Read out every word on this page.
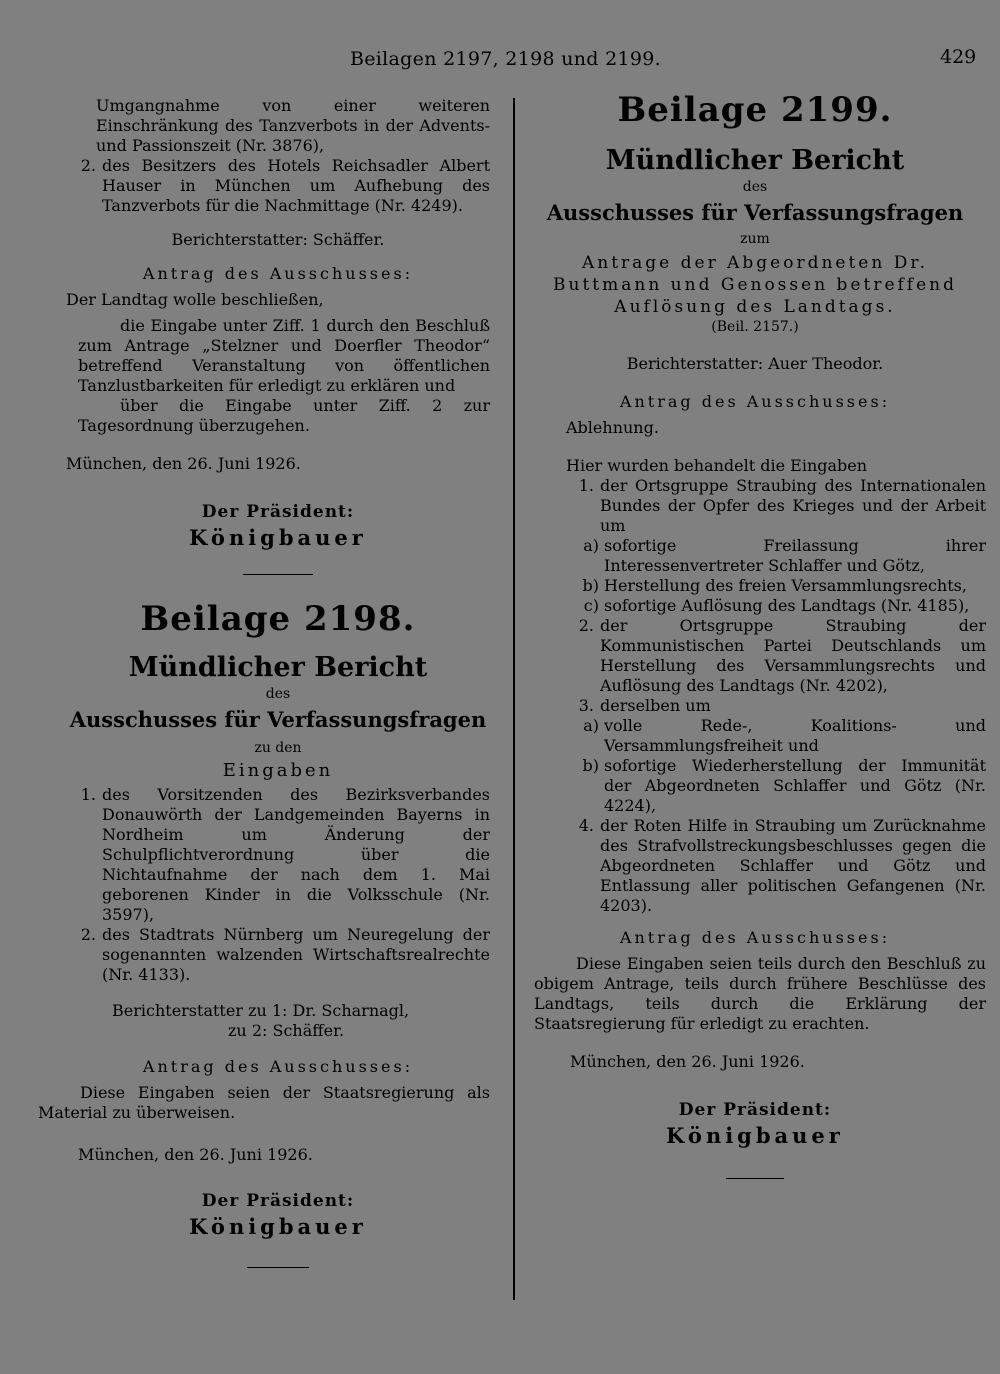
Beilagen 2197, 2198 und 2199.	429

Umgangnahme von einer weiteren Einschränkung des Tanzverbots in der Advents- und Passionszeit (Nr. 3876),

2. des Besitzers des Hotels Reichsadler Albert Hauser in München um Aufhebung des Tanzverbots für die Nachmittage (Nr. 4249).

Berichterstatter: Schäffer.

Antrag des Ausschusses:

Der Landtag wolle beschließen,

die Eingabe unter Ziff. 1 durch den Beschluß zum Antrage „Stelzner und Doerfler Theodor“ betreffend Veranstaltung von öffentlichen Tanzlustbarkeiten für erledigt zu erklären und

über die Eingabe unter Ziff. 2 zur Tagesordnung überzugehen.

München, den 26. Juni 1926.

Der Präsident:

Königbauer

Beilage 2198.

Mündlicher Bericht

des

Ausschusses für Verfassungsfragen

zu den

Eingaben

1. des Vorsitzenden des Bezirksverbandes Donauwörth der Landgemeinden Bayerns in Nordheim um Änderung der Schulpflichtverordnung über die Nichtaufnahme der nach dem 1. Mai geborenen Kinder in die Volksschule (Nr. 3597),
2. des Stadtrats Nürnberg um Neuregelung der sogenannten walzenden Wirtschaftsrealrechte (Nr. 4133).

Berichterstatter zu 1: Dr. Scharnagl,

zu 2: Schäffer.

Antrag des Ausschusses:

Diese Eingaben seien der Staatsregierung als Material zu überweisen.

München, den 26. Juni 1926.

Der Präsident:

Königbauer

Beilage 2199.

Mündlicher Bericht

des

Ausschusses für Verfassungsfragen

zum

Antrage der Abgeordneten Dr. Buttmann und Genossen betreffend Auflösung des Landtags.

(Beil. 2157.)

Berichterstatter: Auer Theodor.

Antrag des Ausschusses:

Ablehnung.

Hier wurden behandelt die Eingaben

1. der Ortsgruppe Straubing des Internationalen Bundes der Opfer des Krieges und der Arbeit um
a) sofortige Freilassung ihrer Interessenvertreter Schlaffer und Götz,
b) Herstellung des freien Versammlungsrechts,
c) sofortige Auflösung des Landtags (Nr. 4185),
2. der Ortsgruppe Straubing der Kommunistischen Partei Deutschlands um Herstellung des Versammlungsrechts und Auflösung des Landtags (Nr. 4202),
3. derselben um
a) volle Rede-, Koalitions- und Versammlungsfreiheit und
b) sofortige Wiederherstellung der Immunität der Abgeordneten Schlaffer und Götz (Nr. 4224),
4. der Roten Hilfe in Straubing um Zurücknahme des Strafvollstreckungsbeschlusses gegen die Abgeordneten Schlaffer und Götz und Entlassung aller politischen Gefangenen (Nr. 4203).

Antrag des Ausschusses:

Diese Eingaben seien teils durch den Beschluß zu obigem Antrage, teils durch frühere Beschlüsse des Landtags, teils durch die Erklärung der Staatsregierung für erledigt zu erachten.

München, den 26. Juni 1926.

Der Präsident:

Königbauer
